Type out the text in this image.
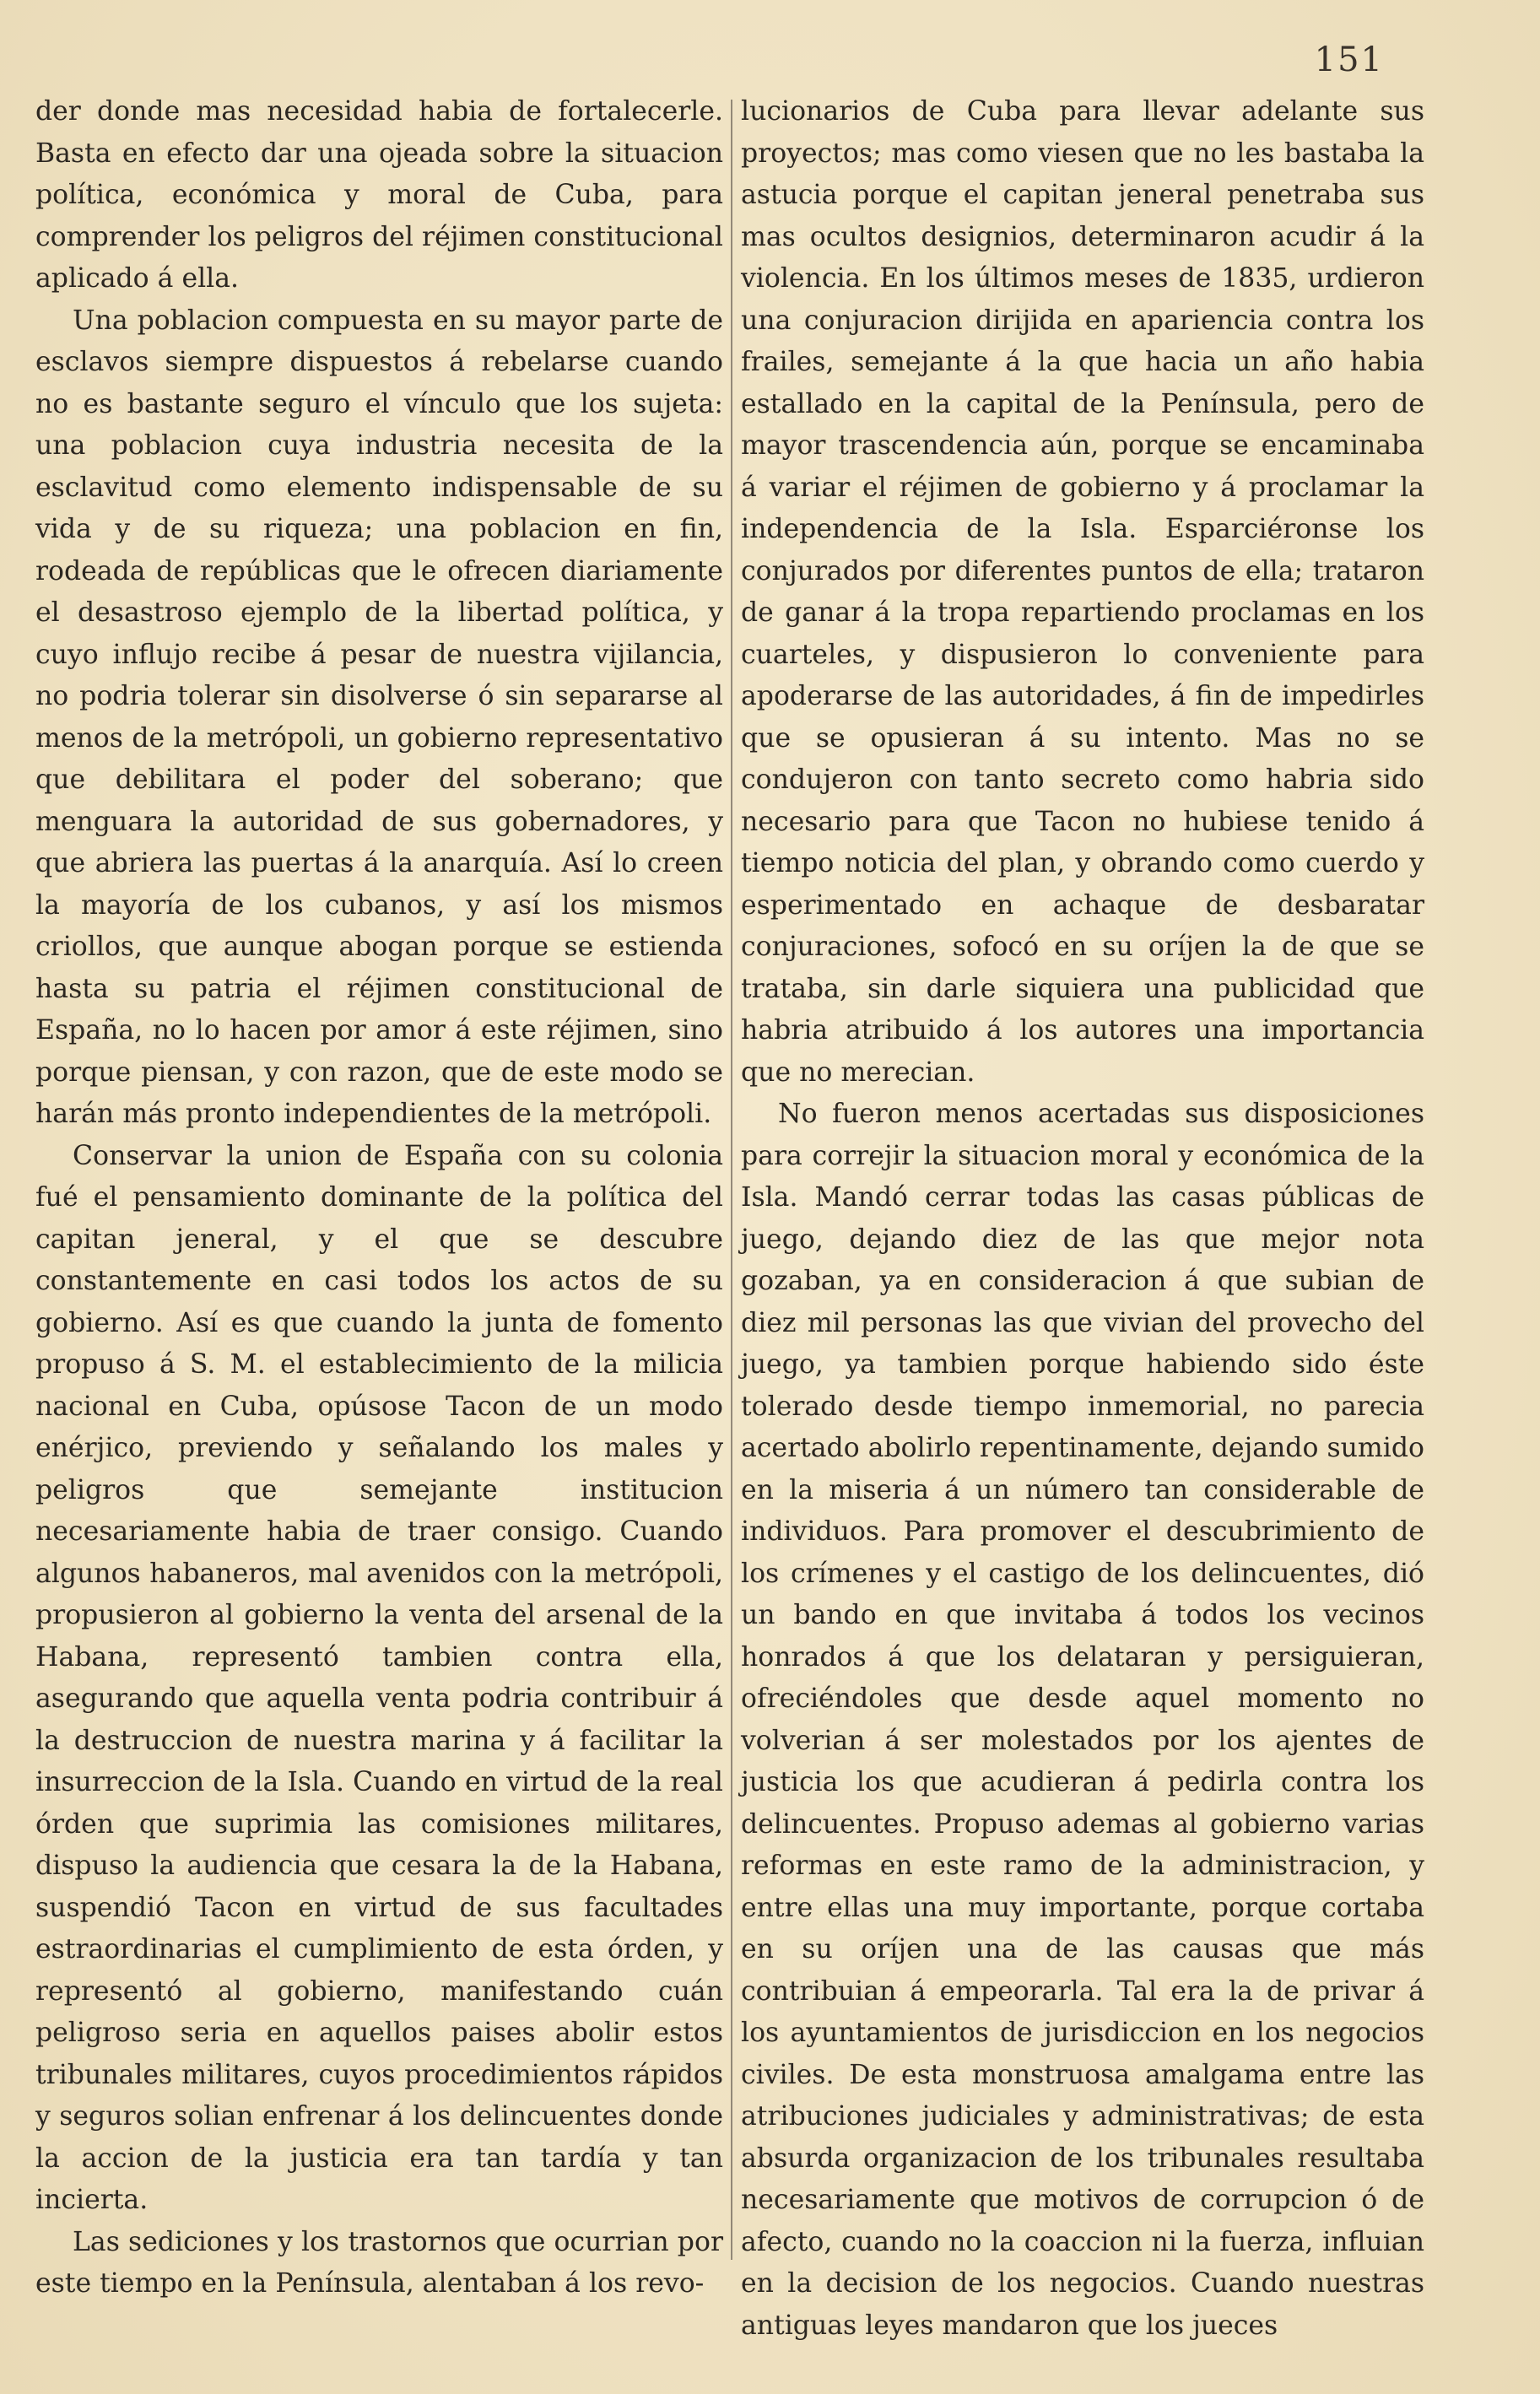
151

der donde mas necesidad habia de fortalecerle. Basta en efecto dar una ojeada sobre la situacion política, económica y moral de Cuba, para comprender los peligros del réjimen constitucional aplicado á ella.

Una poblacion compuesta en su mayor parte de esclavos siempre dispuestos á rebelarse cuando no es bastante seguro el vínculo que los sujeta: una poblacion cuya industria necesita de la esclavitud como elemento indispensable de su vida y de su riqueza; una poblacion en fin, rodeada de repúblicas que le ofrecen diariamente el desastroso ejemplo de la libertad política, y cuyo influjo recibe á pesar de nuestra vijilancia, no podria tolerar sin disolverse ó sin separarse al menos de la metrópoli, un gobierno representativo que debilitara el poder del soberano; que menguara la autoridad de sus gobernadores, y que abriera las puertas á la anarquía. Así lo creen la mayoría de los cubanos, y así los mismos criollos, que aunque abogan porque se estienda hasta su patria el réjimen constitucional de España, no lo hacen por amor á este réjimen, sino porque piensan, y con razon, que de este modo se harán más pronto independientes de la metrópoli.

Conservar la union de España con su colonia fué el pensamiento dominante de la política del capitan jeneral, y el que se descubre constantemente en casi todos los actos de su gobierno. Así es que cuando la junta de fomento propuso á S. M. el establecimiento de la milicia nacional en Cuba, opúsose Tacon de un modo enérjico, previendo y señalando los males y peligros que semejante institucion necesariamente habia de traer consigo. Cuando algunos habaneros, mal avenidos con la metrópoli, propusieron al gobierno la venta del arsenal de la Habana, representó tambien contra ella, asegurando que aquella venta podria contribuir á la destruccion de nuestra marina y á facilitar la insurreccion de la Isla. Cuando en virtud de la real órden que suprimia las comisiones militares, dispuso la audiencia que cesara la de la Habana, suspendió Tacon en virtud de sus facultades estraordinarias el cumplimiento de esta órden, y representó al gobierno, manifestando cuán peligroso seria en aquellos paises abolir estos tribunales militares, cuyos procedimientos rápidos y seguros solian enfrenar á los delincuentes donde la accion de la justicia era tan tardía y tan incierta.

Las sediciones y los trastornos que ocurrian por este tiempo en la Península, alentaban á los revo-

lucionarios de Cuba para llevar adelante sus proyectos; mas como viesen que no les bastaba la astucia porque el capitan jeneral penetraba sus mas ocultos designios, determinaron acudir á la violencia. En los últimos meses de 1835, urdieron una conjuracion dirijida en apariencia contra los frailes, semejante á la que hacia un año habia estallado en la capital de la Península, pero de mayor trascendencia aún, porque se encaminaba á variar el réjimen de gobierno y á proclamar la independencia de la Isla. Esparciéronse los conjurados por diferentes puntos de ella; trataron de ganar á la tropa repartiendo proclamas en los cuarteles, y dispusieron lo conveniente para apoderarse de las autoridades, á fin de impedirles que se opusieran á su intento. Mas no se condujeron con tanto secreto como habria sido necesario para que Tacon no hubiese tenido á tiempo noticia del plan, y obrando como cuerdo y esperimentado en achaque de desbaratar conjuraciones, sofocó en su oríjen la de que se trataba, sin darle siquiera una publicidad que habria atribuido á los autores una importancia que no merecian.

No fueron menos acertadas sus disposiciones para correjir la situacion moral y económica de la Isla. Mandó cerrar todas las casas públicas de juego, dejando diez de las que mejor nota gozaban, ya en consideracion á que subian de diez mil personas las que vivian del provecho del juego, ya tambien porque habiendo sido éste tolerado desde tiempo inmemorial, no parecia acertado abolirlo repentinamente, dejando sumido en la miseria á un número tan considerable de individuos. Para promover el descubrimiento de los crímenes y el castigo de los delincuentes, dió un bando en que invitaba á todos los vecinos honrados á que los delataran y persiguieran, ofreciéndoles que desde aquel momento no volverian á ser molestados por los ajentes de justicia los que acudieran á pedirla contra los delincuentes. Propuso ademas al gobierno varias reformas en este ramo de la administracion, y entre ellas una muy importante, porque cortaba en su oríjen una de las causas que más contribuian á empeorarla. Tal era la de privar á los ayuntamientos de jurisdiccion en los negocios civiles. De esta monstruosa amalgama entre las atribuciones judiciales y administrativas; de esta absurda organizacion de los tribunales resultaba necesariamente que motivos de corrupcion ó de afecto, cuando no la coaccion ni la fuerza, influian en la decision de los negocios. Cuando nuestras antiguas leyes mandaron que los jueces
